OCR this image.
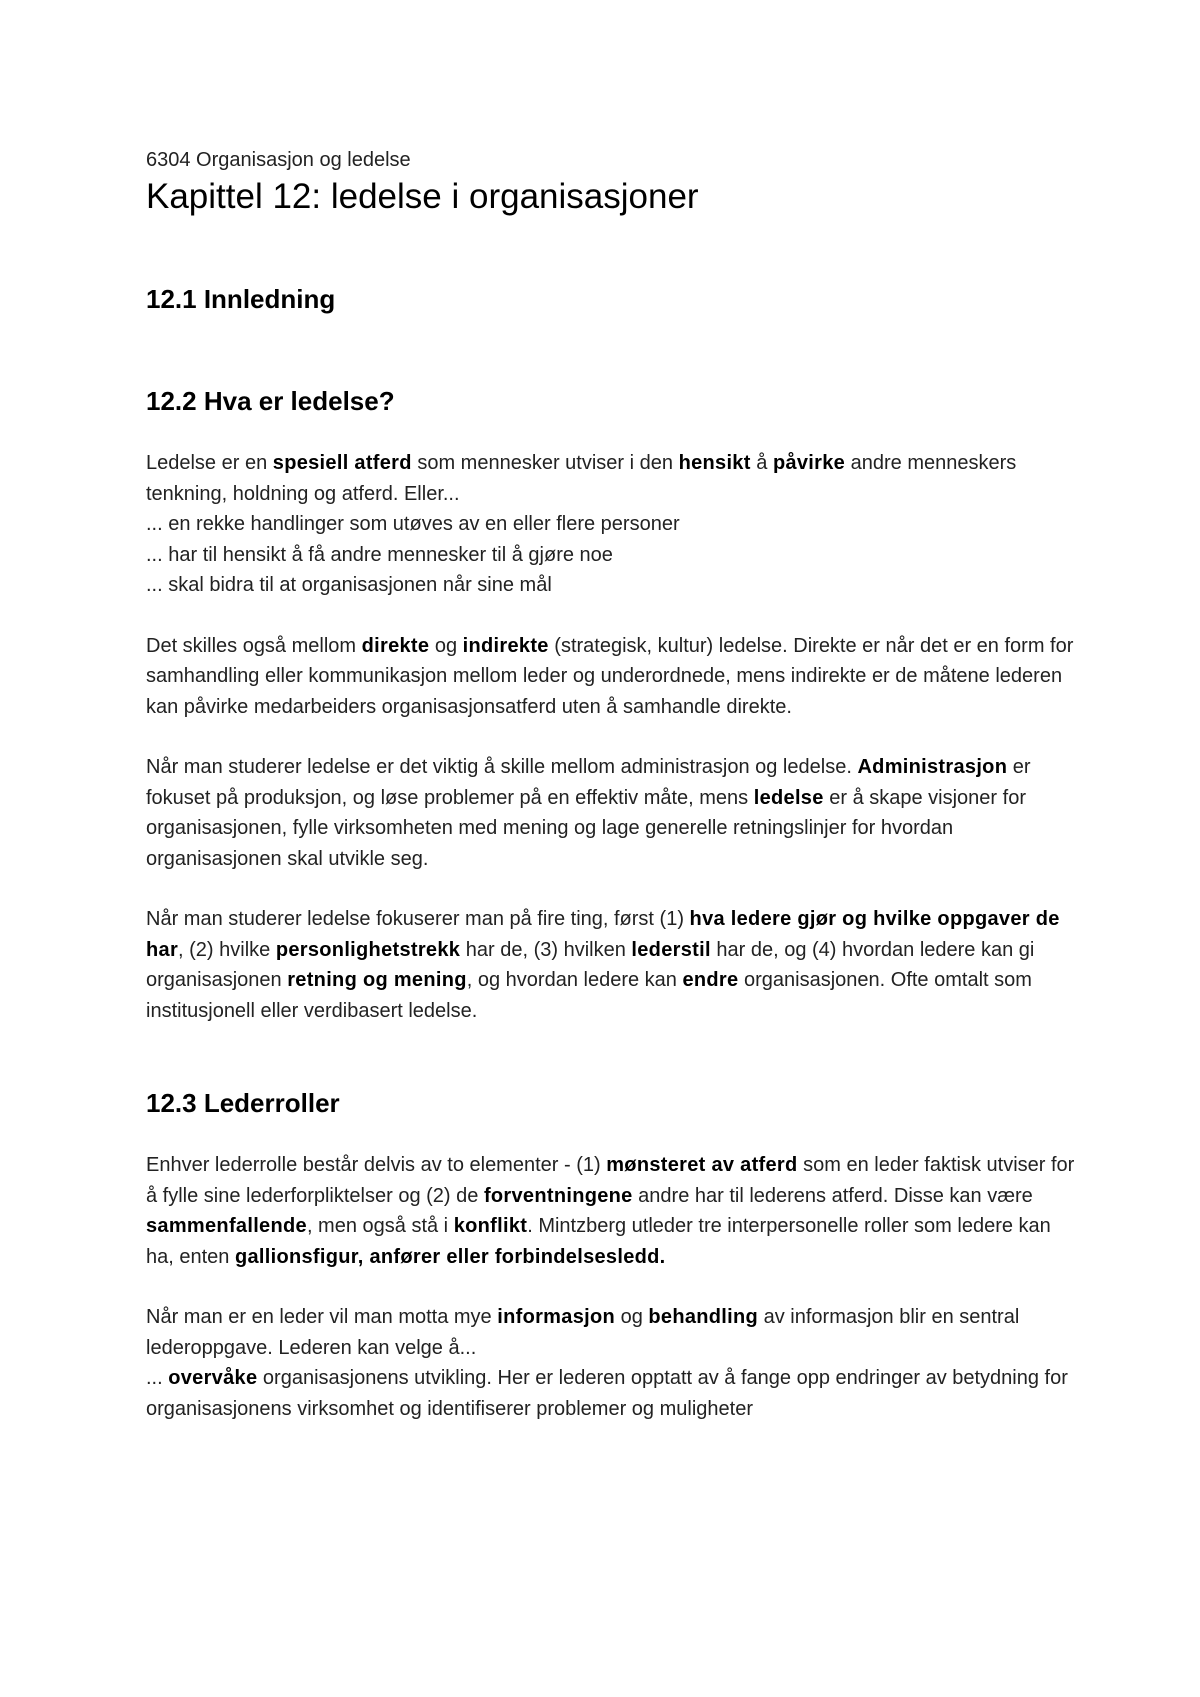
6304 Organisasjon og ledelse

Kapittel 12: ledelse i organisasjoner
12.1 Innledning
12.2 Hva er ledelse?

Ledelse er en spesiell atferd som mennesker utviser i den hensikt å påvirke andre menneskers tenkning, holdning og atferd. Eller...
... en rekke handlinger som utøves av en eller flere personer
... har til hensikt å få andre mennesker til å gjøre noe
... skal bidra til at organisasjonen når sine mål

Det skilles også mellom direkte og indirekte (strategisk, kultur) ledelse. Direkte er når det er en form for samhandling eller kommunikasjon mellom leder og underordnede, mens indirekte er de måtene lederen kan påvirke medarbeiders organisasjonsatferd uten å samhandle direkte.

Når man studerer ledelse er det viktig å skille mellom administrasjon og ledelse. Administrasjon er fokuset på produksjon, og løse problemer på en effektiv måte, mens ledelse er å skape visjoner for organisasjonen, fylle virksomheten med mening og lage generelle retningslinjer for hvordan organisasjonen skal utvikle seg.

Når man studerer ledelse fokuserer man på fire ting, først (1) hva ledere gjør og hvilke oppgaver de har, (2) hvilke personlighetstrekk har de, (3) hvilken lederstil har de, og (4) hvordan ledere kan gi organisasjonen retning og mening, og hvordan ledere kan endre organisasjonen. Ofte omtalt som institusjonell eller verdibasert ledelse.

12.3 Lederroller

Enhver lederrolle består delvis av to elementer - (1) mønsteret av atferd som en leder faktisk utviser for å fylle sine lederforpliktelser og (2) de forventningene andre har til lederens atferd. Disse kan være sammenfallende, men også stå i konflikt. Mintzberg utleder tre interpersonelle roller som ledere kan ha, enten gallionsfigur, anfører eller forbindelsesledd.

Når man er en leder vil man motta mye informasjon og behandling av informasjon blir en sentral lederoppgave. Lederen kan velge å...
... overvåke organisasjonens utvikling. Her er lederen opptatt av å fange opp endringer av betydning for organisasjonens virksomhet og identifiserer problemer og muligheter
